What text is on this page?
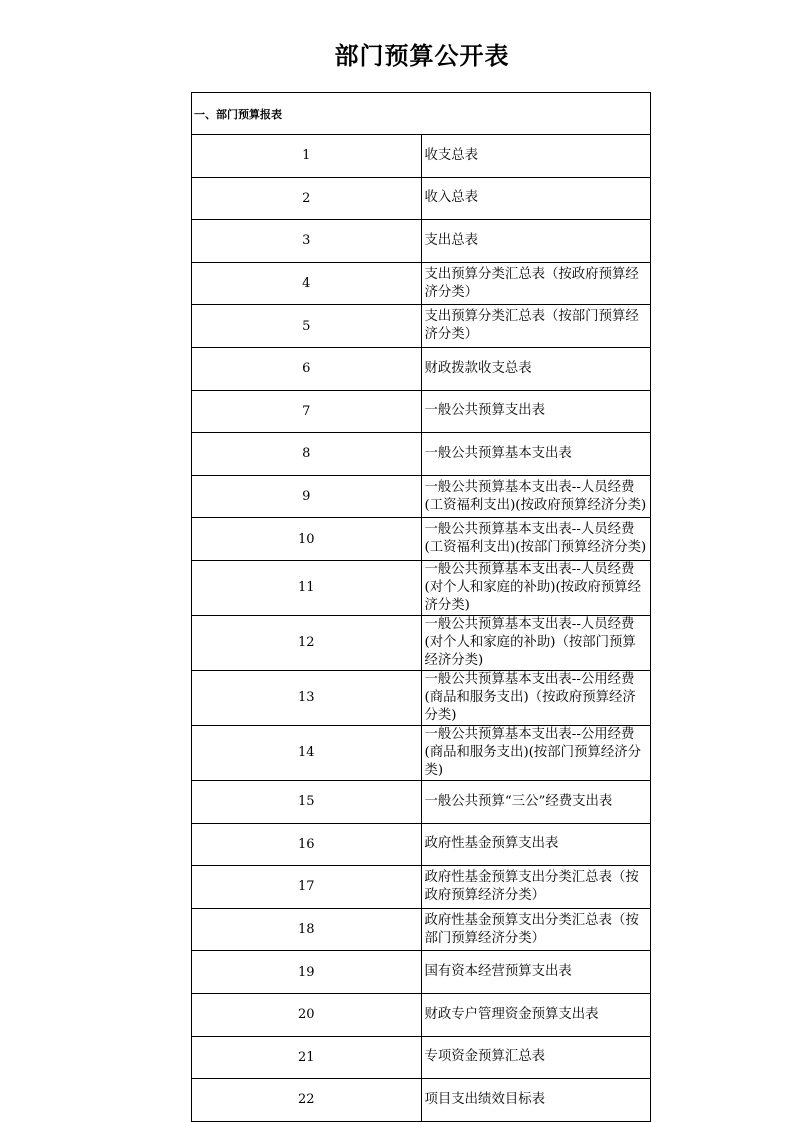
部门预算公开表
一、部门预算报表	
1	收支总表
2	收入总表
3	支出总表
4	支出预算分类汇总表（按政府预算经济分类）
5	支出预算分类汇总表（按部门预算经济分类）
6	财政拨款收支总表
7	一般公共预算支出表
8	一般公共预算基本支出表
9	一般公共预算基本支出表--人员经费(工资福利支出)(按政府预算经济分类)
10	一般公共预算基本支出表--人员经费(工资福利支出)(按部门预算经济分类)
11	一般公共预算基本支出表--人员经费(对个人和家庭的补助)(按政府预算经济分类)
12	一般公共预算基本支出表--人员经费(对个人和家庭的补助)（按部门预算经济分类)
13	一般公共预算基本支出表--公用经费(商品和服务支出)（按政府预算经济分类)
14	一般公共预算基本支出表--公用经费(商品和服务支出)(按部门预算经济分类)
15	一般公共预算“三公”经费支出表
16	政府性基金预算支出表
17	政府性基金预算支出分类汇总表（按政府预算经济分类）
18	政府性基金预算支出分类汇总表（按部门预算经济分类）
19	国有资本经营预算支出表
20	财政专户管理资金预算支出表
21	专项资金预算汇总表
22	项目支出绩效目标表
